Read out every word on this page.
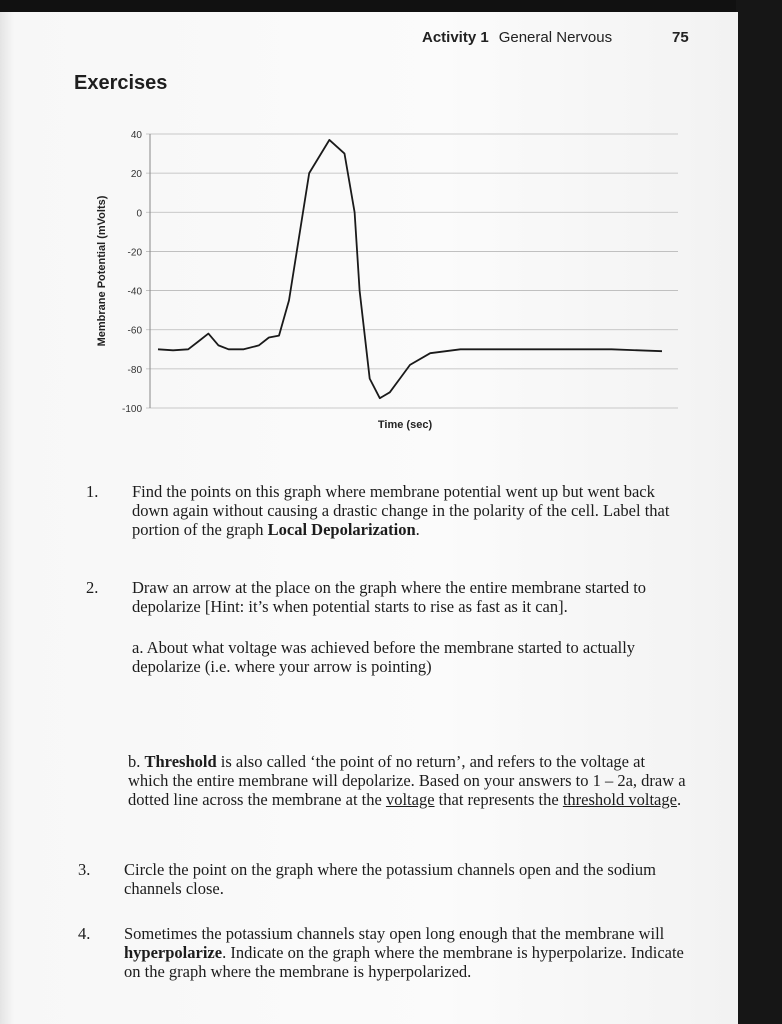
Activity 1 General Nervous	75
Exercises
40
20
0
-20
-40
-60
-80
-100
Membrane Potential (mVolts)
Time (sec)
1. Find the points on this graph where membrane potential went up but went back down again without causing a drastic change in the polarity of the cell. Label that portion of the graph Local Depolarization.
2. Draw an arrow at the place on the graph where the entire membrane started to depolarize [Hint: it’s when potential starts to rise as fast as it can].
a. About what voltage was achieved before the membrane started to actually depolarize (i.e. where your arrow is pointing)
b. Threshold is also called ‘the point of no return’, and refers to the voltage at which the entire membrane will depolarize. Based on your answers to 1 – 2a, draw a dotted line across the membrane at the voltage that represents the threshold voltage.
3. Circle the point on the graph where the potassium channels open and the sodium channels close.
4. Sometimes the potassium channels stay open long enough that the membrane will hyperpolarize. Indicate on the graph where the membrane is hyperpolarize. Indicate on the graph where the membrane is hyperpolarized.
